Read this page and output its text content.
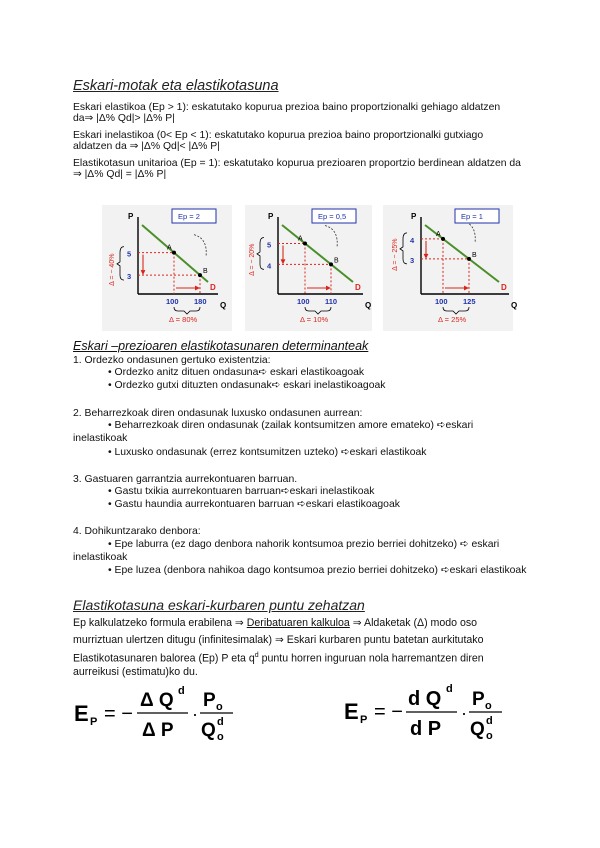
Eskari-motak eta elastikotasuna
Eskari elastikoa (Ep > 1): eskatutako kopurua prezioa baino proportzionalki gehiago aldatzen
da⇒ |Δ% Qd|> |Δ% P|
Eskari inelastikoa (0< Ep < 1): eskatutako kopurua prezioa baino proportzionalki gutxiago
aldatzen da ⇒ |Δ% Qd|< |Δ% P|
Elastikotasun unitarioa (Ep = 1): eskatutako kopurua prezioaren proportzio berdinean aldatzen da
⇒ |Δ% Qd| = |Δ% P|
P
Q
D
A
B
Ep = 2
5
3
Δ = − 40%
100 180
Δ = 80%
P
Q
D
A
B
Ep = 0,5
5
4
Δ = − 20%
100 110
Δ = 10%
P
Q
D
A
B
Ep = 1
4
3
Δ = − 25%
100 125
Δ = 25%
Eskari –prezioaren elastikotasunaren determinanteak
1. Ordezko ondasunen gertuko existentzia:
• Ordezko anitz dituen ondasuna➪ eskari elastikoagoak
• Ordezko gutxi dituzten ondasunak➪ eskari inelastikoagoak
2. Beharrezkoak diren ondasunak luxusko ondasunen aurrean:
• Beharrezkoak diren ondasunak (zailak kontsumitzen amore emateko) ➪eskari
inelastikoak
• Luxusko ondasunak (errez kontsumitzen uzteko) ➪eskari elastikoak
3. Gastuaren garrantzia aurrekontuaren barruan.
• Gastu txikia aurrekontuaren barruan➪eskari inelastikoak
• Gastu haundia aurrekontuaren barruan ➪eskari elastikoagoak
4. Dohikuntzarako denbora:
• Epe laburra (ez dago denbora nahorik kontsumoa prezio berriei dohitzeko) ➪ eskari
inelastikoak
• Epe luzea (denbora nahikoa dago kontsumoa prezio berriei dohitzeko) ➪eskari elastikoak
Elastikotasuna eskari-kurbaren puntu zehatzan
Ep kalkulatzeko formula erabilena ⇒ Deribatuaren kalkuloa ⇒ Aldaketak (Δ) modo oso
murriztuan ulertzen ditugu (infinitesimalak) ⇒ Eskari kurbaren puntu batetan aurkitutako
Elastikotasunaren balorea (Ep) P eta $q^d$ puntu horren inguruan nola harremantzen diren
aurreikusi (estimatu)ko du.
E P = −
Δ Q d
Δ P
·
P o
Q d
o
E P = −
d Q d
d P
·
P o
Q d
o
